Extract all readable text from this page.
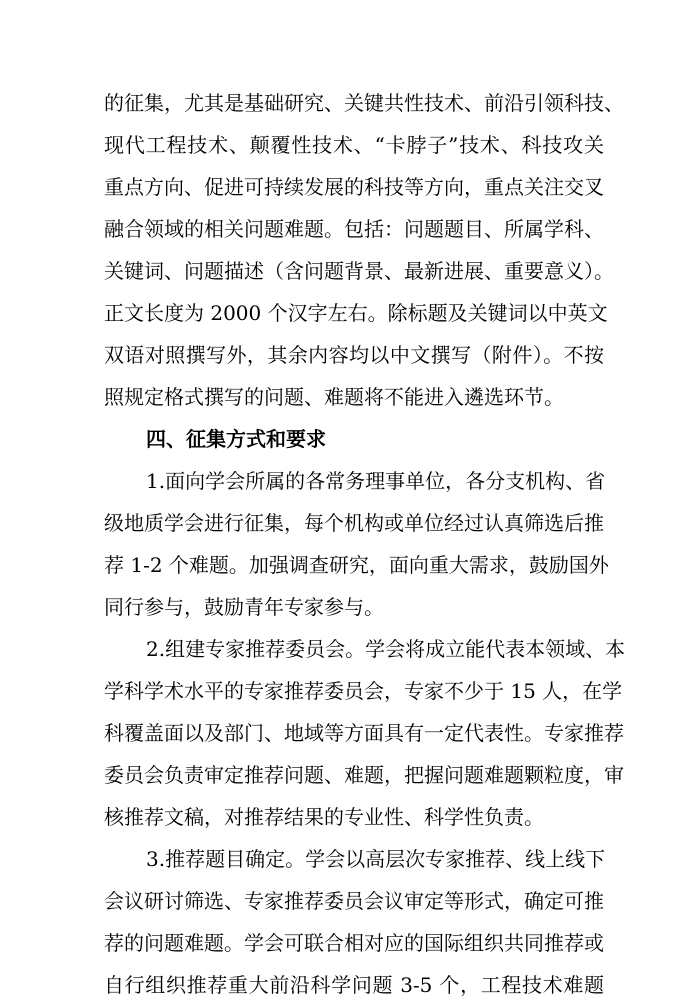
的征集，尤其是基础研究、关键共性技术、前沿引领科技、
现代工程技术、颠覆性技术、“卡脖子”技术、科技攻关
重点方向、促进可持续发展的科技等方向，重点关注交叉
融合领域的相关问题难题。包括：问题题目、所属学科、
关键词、问题描述（含问题背景、最新进展、重要意义）。
正文长度为 2000 个汉字左右。除标题及关键词以中英文
双语对照撰写外，其余内容均以中文撰写（附件）。不按
照规定格式撰写的问题、难题将不能进入遴选环节。
四、征集方式和要求
1.面向学会所属的各常务理事单位，各分支机构、省
级地质学会进行征集，每个机构或单位经过认真筛选后推
荐 1-2 个难题。加强调查研究，面向重大需求，鼓励国外
同行参与，鼓励青年专家参与。
2.组建专家推荐委员会。学会将成立能代表本领域、本
学科学术水平的专家推荐委员会，专家不少于 15 人，在学
科覆盖面以及部门、地域等方面具有一定代表性。专家推荐
委员会负责审定推荐问题、难题，把握问题难题颗粒度，审
核推荐文稿，对推荐结果的专业性、科学性负责。
3.推荐题目确定。学会以高层次专家推荐、线上线下
会议研讨筛选、专家推荐委员会议审定等形式，确定可推
荐的问题难题。学会可联合相对应的国际组织共同推荐或
自行组织推荐重大前沿科学问题 3-5 个，工程技术难题
